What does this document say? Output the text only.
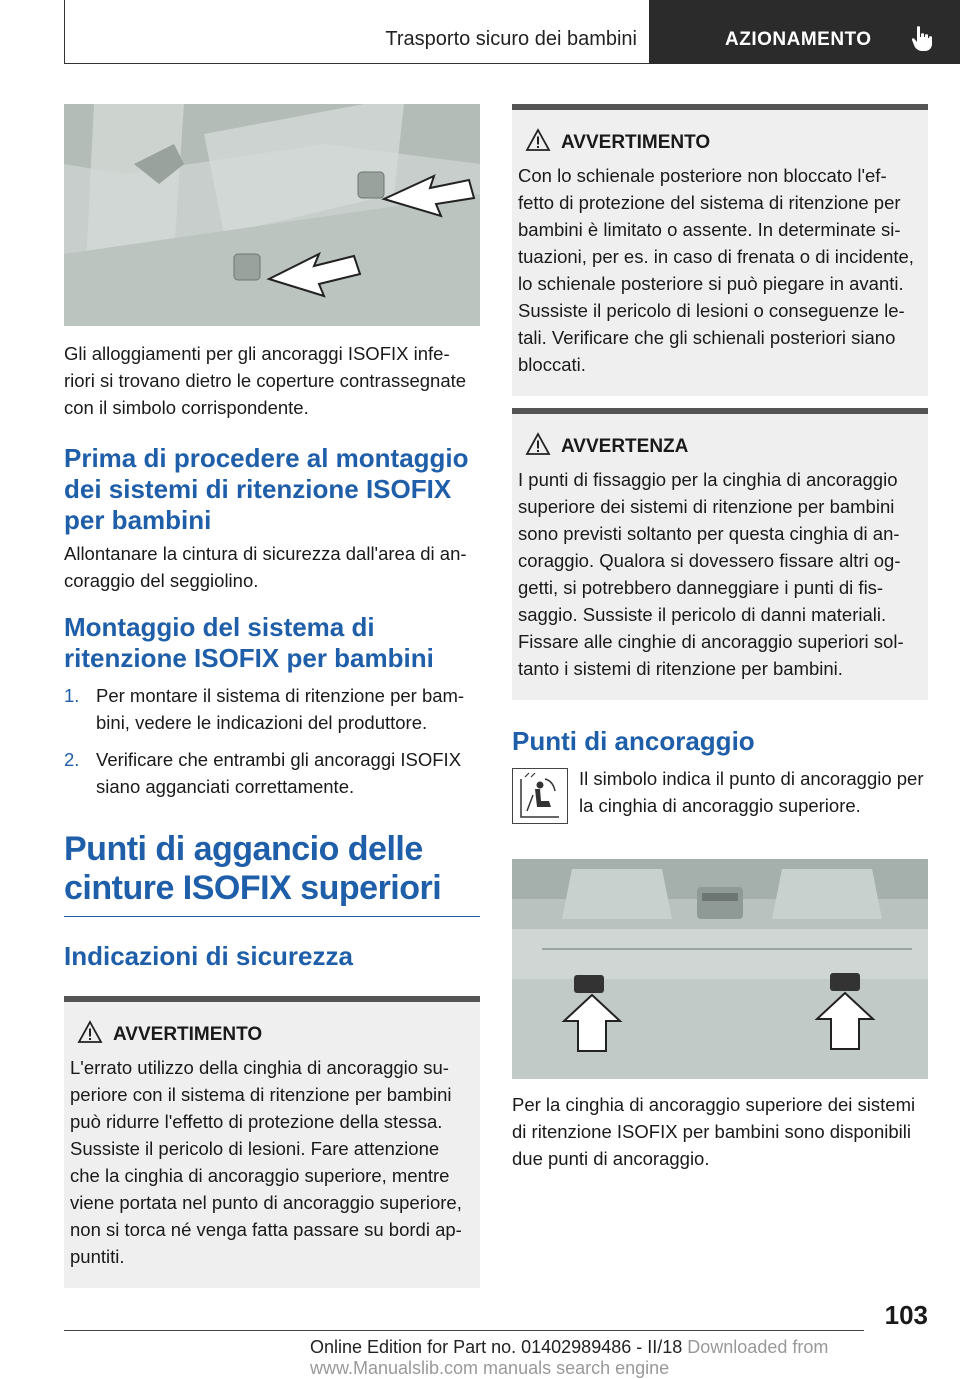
Trasporto sicuro dei bambini	AZIONAMENTO

Gli alloggiamenti per gli ancoraggi ISOFIX infe-riori si trovano dietro le coperture contrassegnate con il simbolo corrispondente.

Prima di procedere al montaggio dei sistemi di ritenzione ISOFIX per bambini

Allontanare la cintura di sicurezza dall'area di an-coraggio del seggiolino.

Montaggio del sistema di ritenzione ISOFIX per bambini
1. Per montare il sistema di ritenzione per bam-bini, vedere le indicazioni del produttore.
2. Verificare che entrambi gli ancoraggi ISOFIX siano agganciati correttamente.
Punti di aggancio delle cinture ISOFIX superiori
Indicazioni di sicurezza
AVVERTIMENTO

L'errato utilizzo della cinghia di ancoraggio su-periore con il sistema di ritenzione per bambini può ridurre l'effetto di protezione della stessa. Sussiste il pericolo di lesioni. Fare attenzione che la cinghia di ancoraggio superiore, mentre viene portata nel punto di ancoraggio superiore, non si torca né venga fatta passare su bordi ap-puntiti.

AVVERTIMENTO

Con lo schienale posteriore non bloccato l'ef-fetto di protezione del sistema di ritenzione per bambini è limitato o assente. In determinate si-tuazioni, per es. in caso di frenata o di incidente, lo schienale posteriore si può piegare in avanti. Sussiste il pericolo di lesioni o conseguenze le-tali. Verificare che gli schienali posteriori siano bloccati.

AVVERTENZA

I punti di fissaggio per la cinghia di ancoraggio superiore dei sistemi di ritenzione per bambini sono previsti soltanto per questa cinghia di an-coraggio. Qualora si dovessero fissare altri og-getti, si potrebbero danneggiare i punti di fis-saggio. Sussiste il pericolo di danni materiali. Fissare alle cinghie di ancoraggio superiori sol-tanto i sistemi di ritenzione per bambini.

Punti di ancoraggio

Il simbolo indica il punto di ancoraggio per la cinghia di ancoraggio superiore.

Per la cinghia di ancoraggio superiore dei sistemi di ritenzione ISOFIX per bambini sono disponibili due punti di ancoraggio.

103
Online Edition for Part no. 01402989486 - II/18 Downloaded from www.Manualslib.com manuals search engine
